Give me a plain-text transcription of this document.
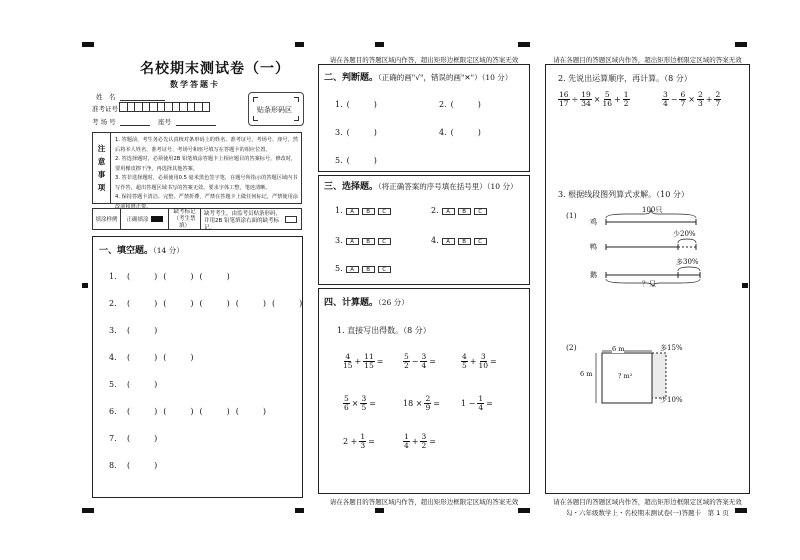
名校期末测试卷（一）
数学答题卡
姓　名
准考证号
考 场 号	座号
贴条形码区
注
意
事
项
1. 答题前，考生务必先认真核对条形码上的姓名、准考证号、考场号、座号，然后将本人姓名、准考证号、考场号和座号填写在答题卡的相应位置。
2. 答选择题时，必须使用2B 铅笔填涂答题卡上相应题目的答案标号，修改时，要用橡皮擦干净，再选择其他答案。
3. 答非选择题时，必须使用0.5 毫米黑色签字笔，在题号所指示的答题区域内书写作答，超出答题区域书写的答案无效。要求字体工整，笔迹清晰。
4. 保持答题卡清洁、完整，严禁折叠，严禁在答题卡上做任何标记，严禁使用涂改液和修正带。
填涂样例	正确填涂
缺考标记（考生禁填）
缺考考生，由监考员贴条形码，并用2B 铅笔填涂右面的缺考标记。
一、填空题。（14 分）
1. (　　　) (　　　) (　　　)
2. (　　　) (　　　) (　　　) (　　　) (　　　)
3. (　　　)
4. (　　　) (　　　)
5. (　　　)
6. (　　　) (　　　) (　　　) (　　　)
7. (　　　)
8. (　　　)
请在各题目的答题区域内作答，超出矩形边框限定区域的答案无效
二、判断题。（正确的画"√"，错误的画"✕"）（10 分）
1. (　　　)	2. (　　　)
3. (　　　)	4. (　　　)
5. (　　　)
三、选择题。（将正确答案的序号填在括号里）（10 分）
1. A B C	2. A B C
3. A B C	4. A B C
5. A B C
四、计算题。（26 分）
1. 直接写出得数。（8 分）
$\frac{4}{15} + \frac{11}{15}$ =	$\frac{5}{2} - \frac{3}{4}$ =	$\frac{4}{5} + \frac{3}{10}$ =
$\frac{5}{6} \times \frac{3}{5}$ =	$18 \times \frac{2}{9}$ =	$1 - \frac{1}{4}$ =
$2 + \frac{1}{3}$ =	$\frac{1}{4} + \frac{3}{2}$ =
请在各题目的答题区域内作答，超出矩形边框限定区域的答案无效
请在各题目的答题区域内作答，超出矩形边框限定区域的答案无效
2. 先说出运算顺序，再计算。（8 分）
$\frac{16}{17} \div \frac{19}{34} \times \frac{5}{16} + \frac{1}{2}$	$\frac{3}{4} - \frac{6}{7} \times \frac{2}{3} + \frac{2}{7}$
3. 根据线段图列算式求解。（10 分）
(1)
100只
鸡
少20%
鸭
多30%
鹅
？只
(2)	6 m	多15%
6 m	? m²
少10%
请在各题目的答题区域内作答，超出矩形边框限定区域的答案无效
勾・六年级数学上・名校期末测试卷(一)答题卡　第 1 页
